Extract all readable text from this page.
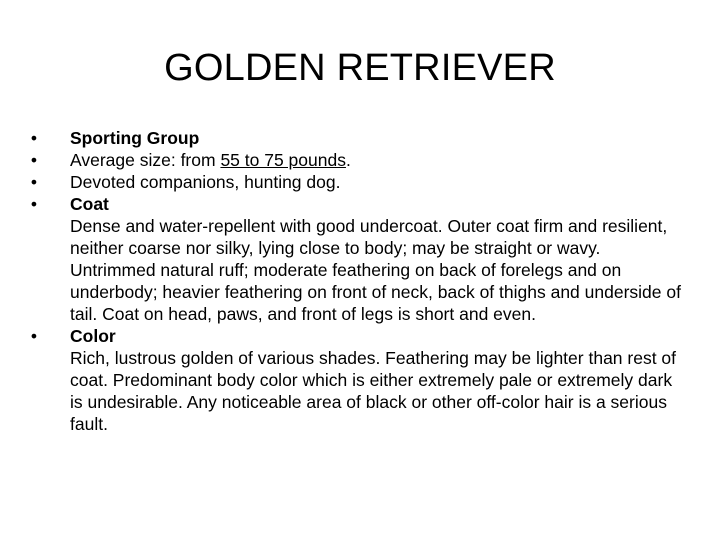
GOLDEN RETRIEVER
• Sporting Group
• Average size: from 55 to 75 pounds.
• Devoted companions, hunting dog.
• Coat
Dense and water-repellent with good undercoat. Outer coat firm and resilient, neither coarse nor silky, lying close to body; may be straight or wavy. Untrimmed natural ruff; moderate feathering on back of forelegs and on underbody; heavier feathering on front of neck, back of thighs and underside of tail. Coat on head, paws, and front of legs is short and even.
• Color
Rich, lustrous golden of various shades. Feathering may be lighter than rest of coat. Predominant body color which is either extremely pale or extremely dark is undesirable. Any noticeable area of black or other off-color hair is a serious fault.
